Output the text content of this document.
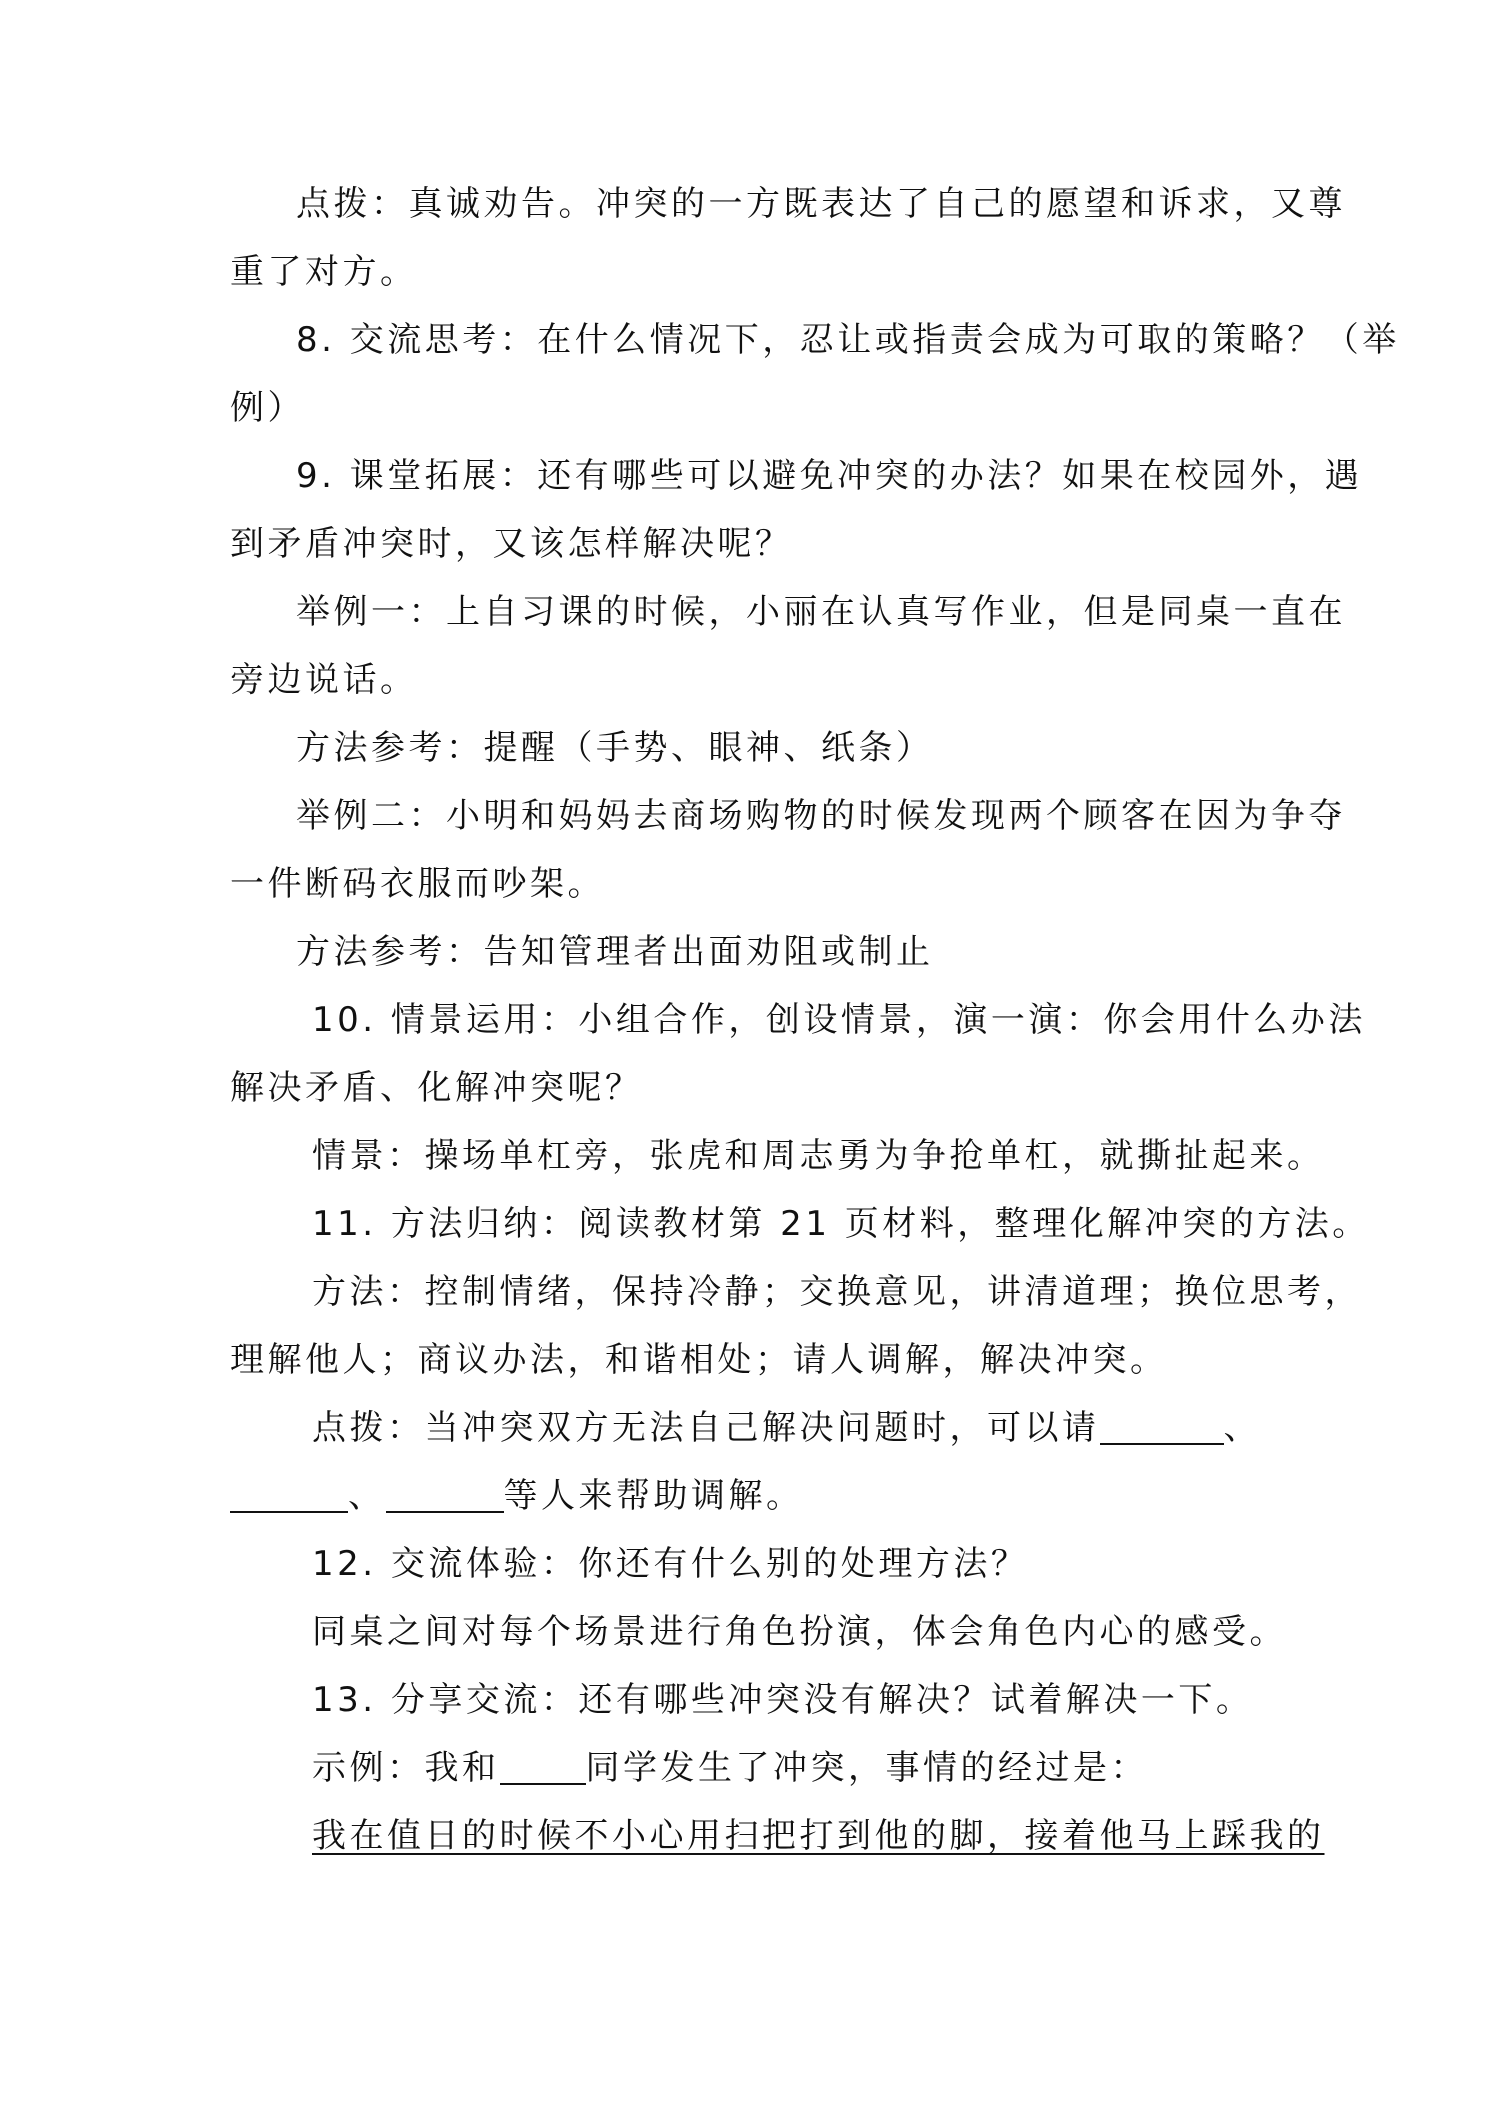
点拨：真诚劝告。冲突的一方既表达了自己的愿望和诉求，又尊
重了对方。
8. 交流思考：在什么情况下，忍让或指责会成为可取的策略？（举
例）
9. 课堂拓展：还有哪些可以避免冲突的办法？如果在校园外，遇
到矛盾冲突时，又该怎样解决呢？
举例一：上自习课的时候，小丽在认真写作业，但是同桌一直在
旁边说话。
方法参考：提醒（手势、眼神、纸条）
举例二：小明和妈妈去商场购物的时候发现两个顾客在因为争夺
一件断码衣服而吵架。
方法参考：告知管理者出面劝阻或制止
10. 情景运用：小组合作，创设情景，演一演：你会用什么办法
解决矛盾、化解冲突呢？
情景：操场单杠旁，张虎和周志勇为争抢单杠，就撕扯起来。
11. 方法归纳：阅读教材第 21 页材料，整理化解冲突的方法。
方法：控制情绪，保持冷静；交换意见，讲清道理；换位思考，
理解他人；商议办法，和谐相处；请人调解，解决冲突。
点拨：当冲突双方无法自己解决问题时，可以请	、
、	等人来帮助调解。
12. 交流体验：你还有什么别的处理方法？
同桌之间对每个场景进行角色扮演，体会角色内心的感受。
13. 分享交流：还有哪些冲突没有解决？试着解决一下。
示例：我和	同学发生了冲突，事情的经过是：
我在值日的时候不小心用扫把打到他的脚，接着他马上踩我的
